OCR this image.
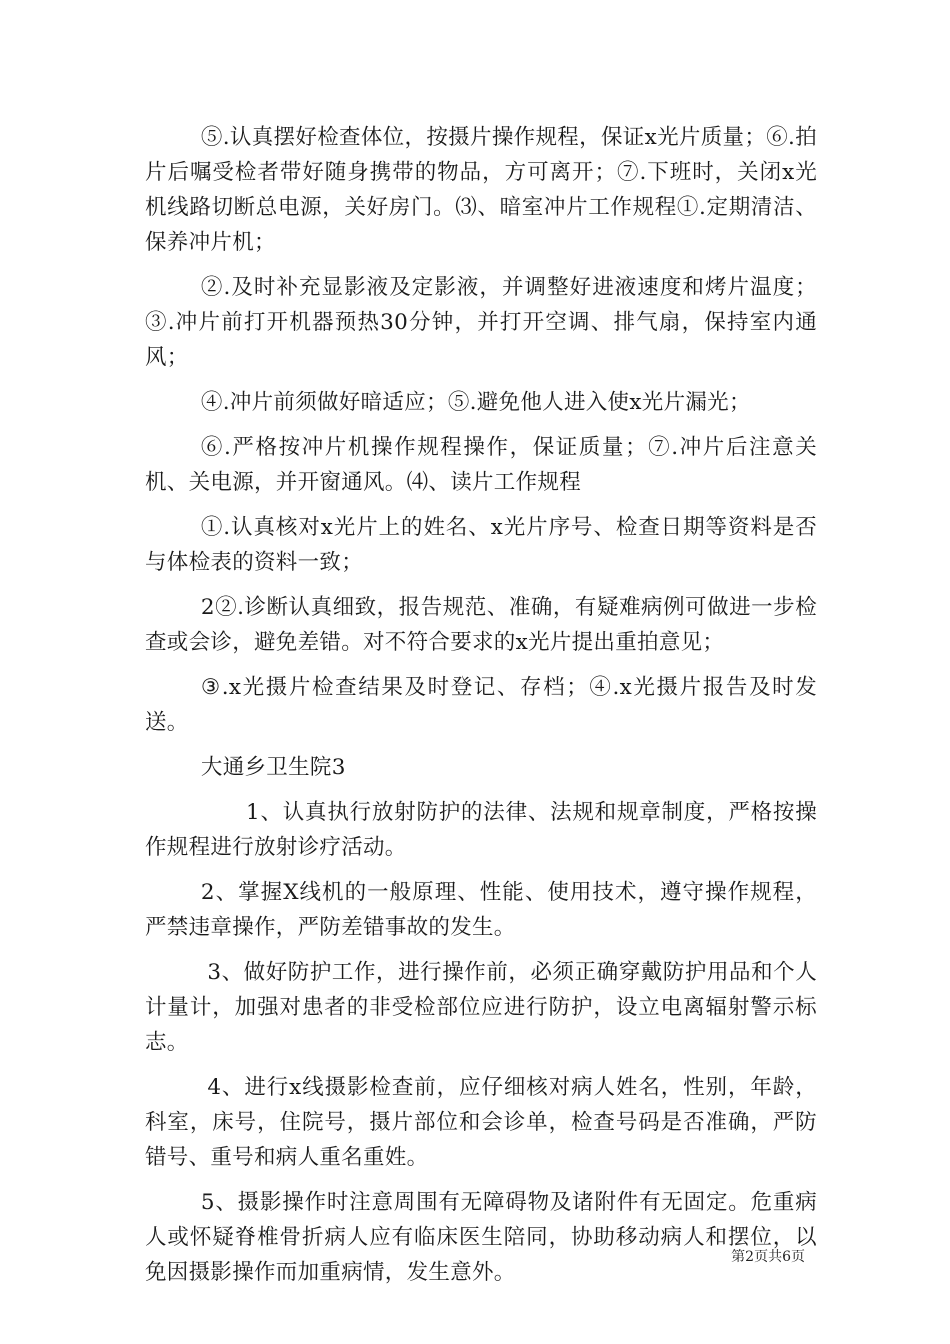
⑤.认真摆好检查体位，按摄片操作规程，保证x光片质量；⑥.拍片后嘱受检者带好随身携带的物品，方可离开；⑦.下班时，关闭x光机线路切断总电源，关好房门。⑶、暗室冲片工作规程①.定期清洁、保养冲片机；

②.及时补充显影液及定影液，并调整好进液速度和烤片温度；③.冲片前打开机器预热30分钟，并打开空调、排气扇，保持室内通风；

④.冲片前须做好暗适应；⑤.避免他人进入使x光片漏光；

⑥.严格按冲片机操作规程操作，保证质量；⑦.冲片后注意关机、关电源，并开窗通风。⑷、读片工作规程

①.认真核对x光片上的姓名、x光片序号、检查日期等资料是否与体检表的资料一致；

2②.诊断认真细致，报告规范、准确，有疑难病例可做进一步检查或会诊，避免差错。对不符合要求的x光片提出重拍意见；

③.x光摄片检查结果及时登记、存档；④.x光摄片报告及时发送。

大通乡卫生院3

1、认真执行放射防护的法律、法规和规章制度，严格按操作规程进行放射诊疗活动。

2、掌握X线机的一般原理、性能、使用技术，遵守操作规程，严禁违章操作，严防差错事故的发生。

3、做好防护工作，进行操作前，必须正确穿戴防护用品和个人计量计，加强对患者的非受检部位应进行防护，设立电离辐射警示标志。

4、进行x线摄影检查前，应仔细核对病人姓名，性别，年龄，科室，床号，住院号，摄片部位和会诊单，检查号码是否准确，严防错号、重号和病人重名重姓。

5、摄影操作时注意周围有无障碍物及诸附件有无固定。危重病人或怀疑脊椎骨折病人应有临床医生陪同，协助移动病人和摆位，以免因摄影操作而加重病情，发生意外。

第2页共6页
